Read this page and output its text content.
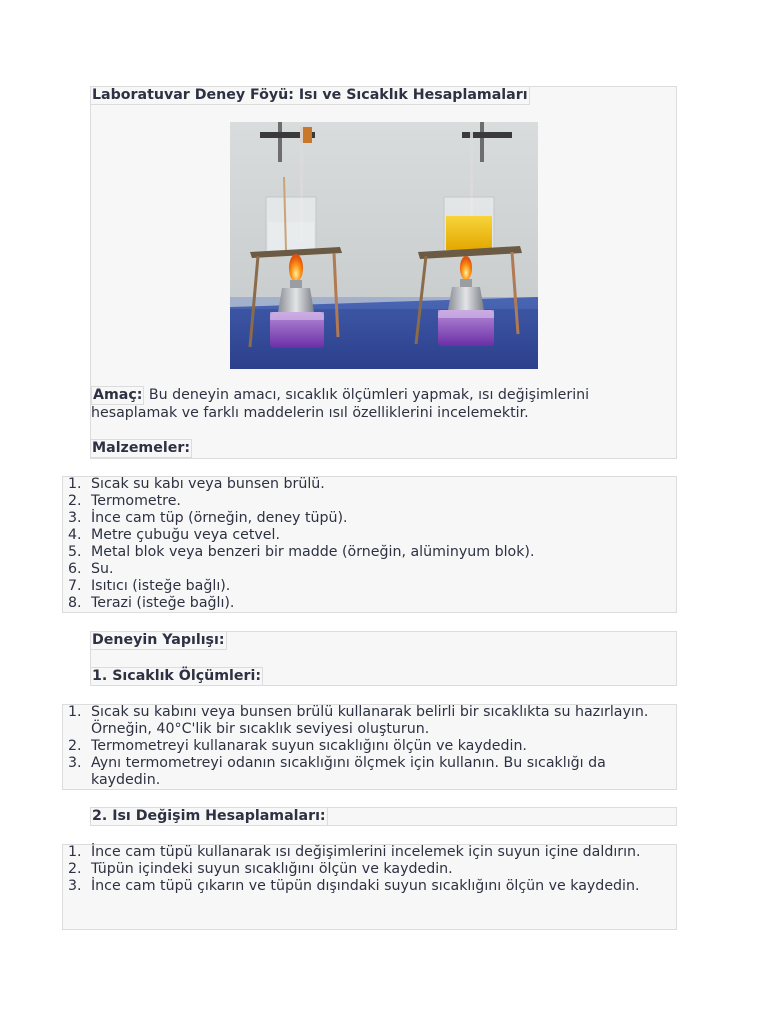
Laboratuvar Deney Föyü: Isı ve Sıcaklık Hesaplamaları

Amaç: Bu deneyin amacı, sıcaklık ölçümleri yapmak, ısı değişimlerini hesaplamak ve farklı maddelerin ısıl özelliklerini incelemektir.

Malzemeler:
1. Sıcak su kabı veya bunsen brülü.
2. Termometre.
3. İnce cam tüp (örneğin, deney tüpü).
4. Metre çubuğu veya cetvel.
5. Metal blok veya benzeri bir madde (örneğin, alüminyum blok).
6. Su.
7. Isıtıcı (isteğe bağlı).
8. Terazi (isteğe bağlı).
Deneyin Yapılışı:
1. Sıcaklık Ölçümleri:
1. Sıcak su kabını veya bunsen brülü kullanarak belirli bir sıcaklıkta su hazırlayın. Örneğin, 40°C'lik bir sıcaklık seviyesi oluşturun.
2. Termometreyi kullanarak suyun sıcaklığını ölçün ve kaydedin.
3. Aynı termometreyi odanın sıcaklığını ölçmek için kullanın. Bu sıcaklığı da kaydedin.
2. Isı Değişim Hesaplamaları:
1. İnce cam tüpü kullanarak ısı değişimlerini incelemek için suyun içine daldırın.
2. Tüpün içindeki suyun sıcaklığını ölçün ve kaydedin.
3. İnce cam tüpü çıkarın ve tüpün dışındaki suyun sıcaklığını ölçün ve kaydedin.
